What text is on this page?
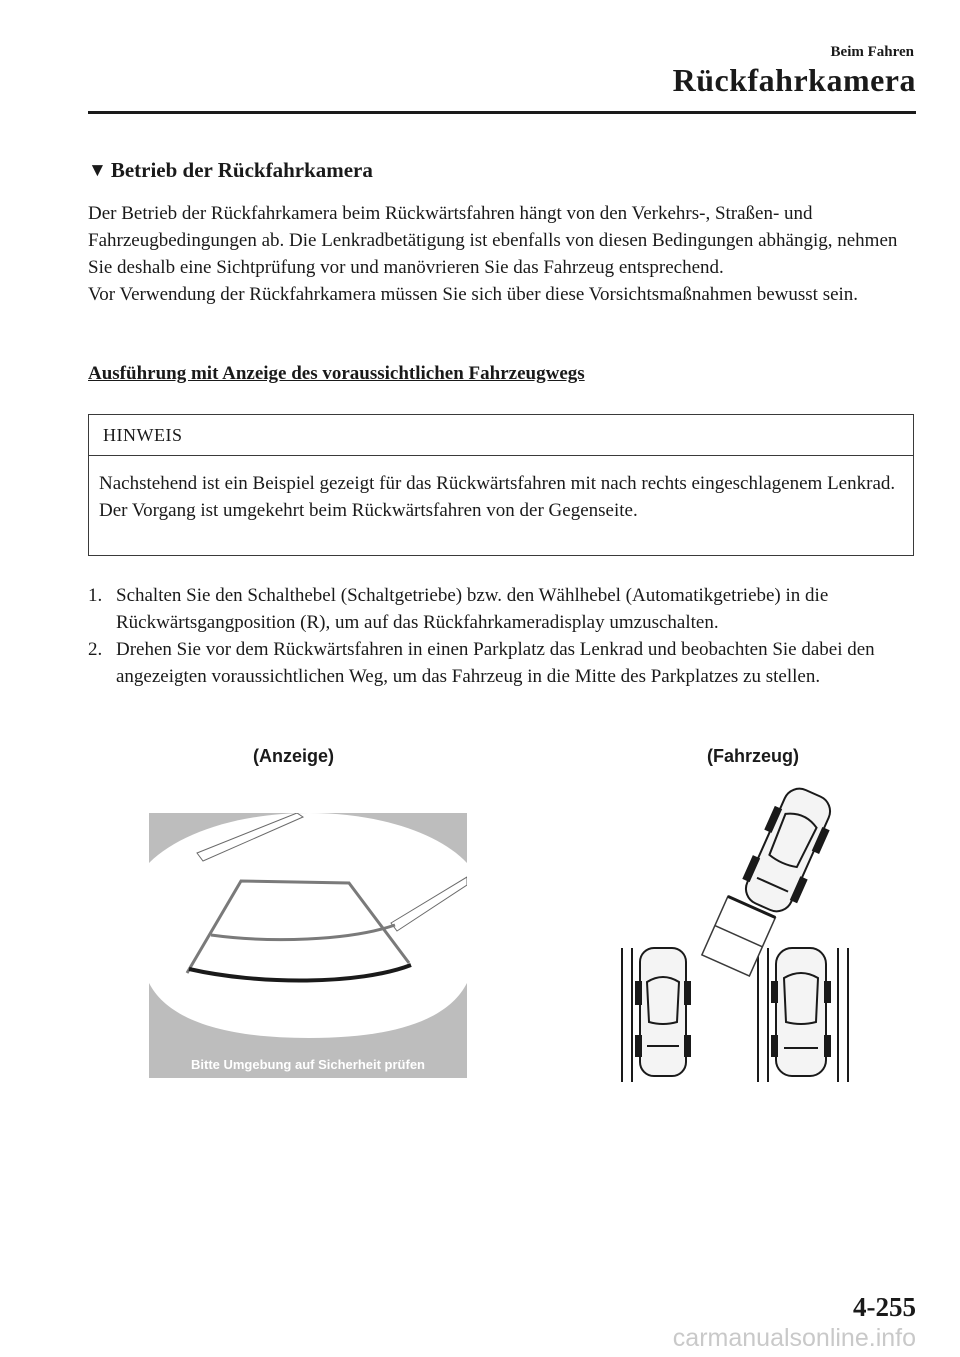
Beim Fahren
Rückfahrkamera
▼ Betrieb der Rückfahrkamera

Der Betrieb der Rückfahrkamera beim Rückwärtsfahren hängt von den Verkehrs-, Straßen- und Fahrzeugbedingungen ab. Die Lenkradbetätigung ist ebenfalls von diesen Bedingungen abhängig, nehmen Sie deshalb eine Sichtprüfung vor und manövrieren Sie das Fahrzeug entsprechend.

Vor Verwendung der Rückfahrkamera müssen Sie sich über diese Vorsichtsmaßnahmen bewusst sein.

Ausführung mit Anzeige des voraussichtlichen Fahrzeugwegs
HINWEIS
Nachstehend ist ein Beispiel gezeigt für das Rückwärtsfahren mit nach rechts eingeschlagenem Lenkrad. Der Vorgang ist umgekehrt beim Rückwärtsfahren von der Gegenseite.
1. Schalten Sie den Schalthebel (Schaltgetriebe) bzw. den Wählhebel (Automatikgetriebe) in die Rückwärtsgangposition (R), um auf das Rückfahrkameradisplay umzuschalten.
2. Drehen Sie vor dem Rückwärtsfahren in einen Parkplatz das Lenkrad und beobachten Sie dabei den angezeigten voraussichtlichen Weg, um das Fahrzeug in die Mitte des Parkplatzes zu stellen.
(Anzeige)	(Fahrzeug)
Bitte Umgebung auf Sicherheit prüfen
4-255
carmanualsonline.info
